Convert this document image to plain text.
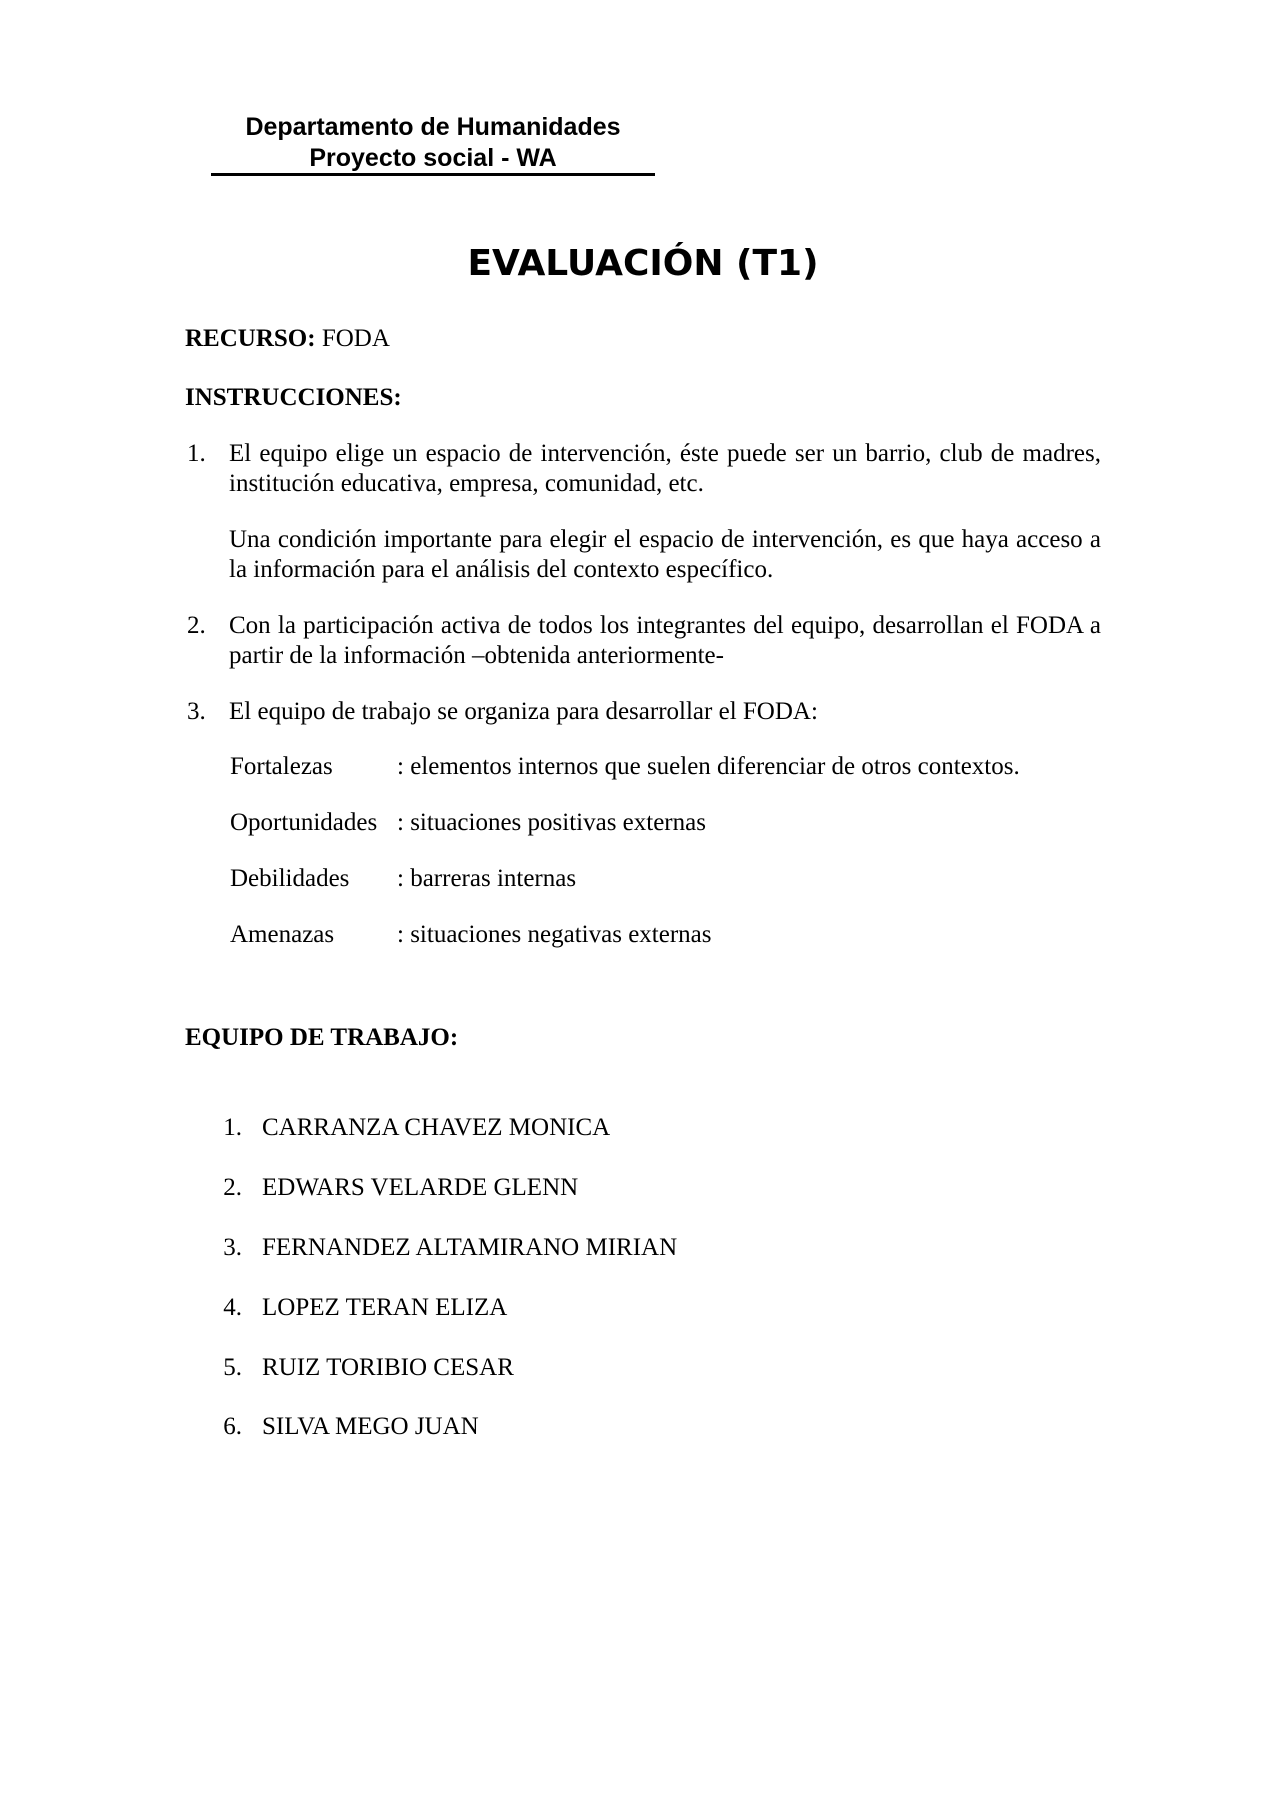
Departamento de Humanidades
Proyecto social - WA
EVALUACIÓN (T1)
RECURSO: FODA
INSTRUCCIONES:
1. El equipo elige un espacio de intervención, éste puede ser un barrio, club de madres, institución educativa, empresa, comunidad, etc.
Una condición importante para elegir el espacio de intervención, es que haya acceso a la información para el análisis del contexto específico.
2. Con la participación activa de todos los integrantes del equipo, desarrollan el FODA a partir de la información –obtenida anteriormente-
3. El equipo de trabajo se organiza para desarrollar el FODA:
Fortalezas	: elementos internos que suelen diferenciar de otros contextos.
Oportunidades : situaciones positivas externas
Debilidades : barreras internas
Amenazas	: situaciones negativas externas
EQUIPO DE TRABAJO:
1. CARRANZA CHAVEZ MONICA
2. EDWARS VELARDE GLENN
3. FERNANDEZ ALTAMIRANO MIRIAN
4. LOPEZ TERAN ELIZA
5. RUIZ TORIBIO CESAR
6. SILVA MEGO JUAN
